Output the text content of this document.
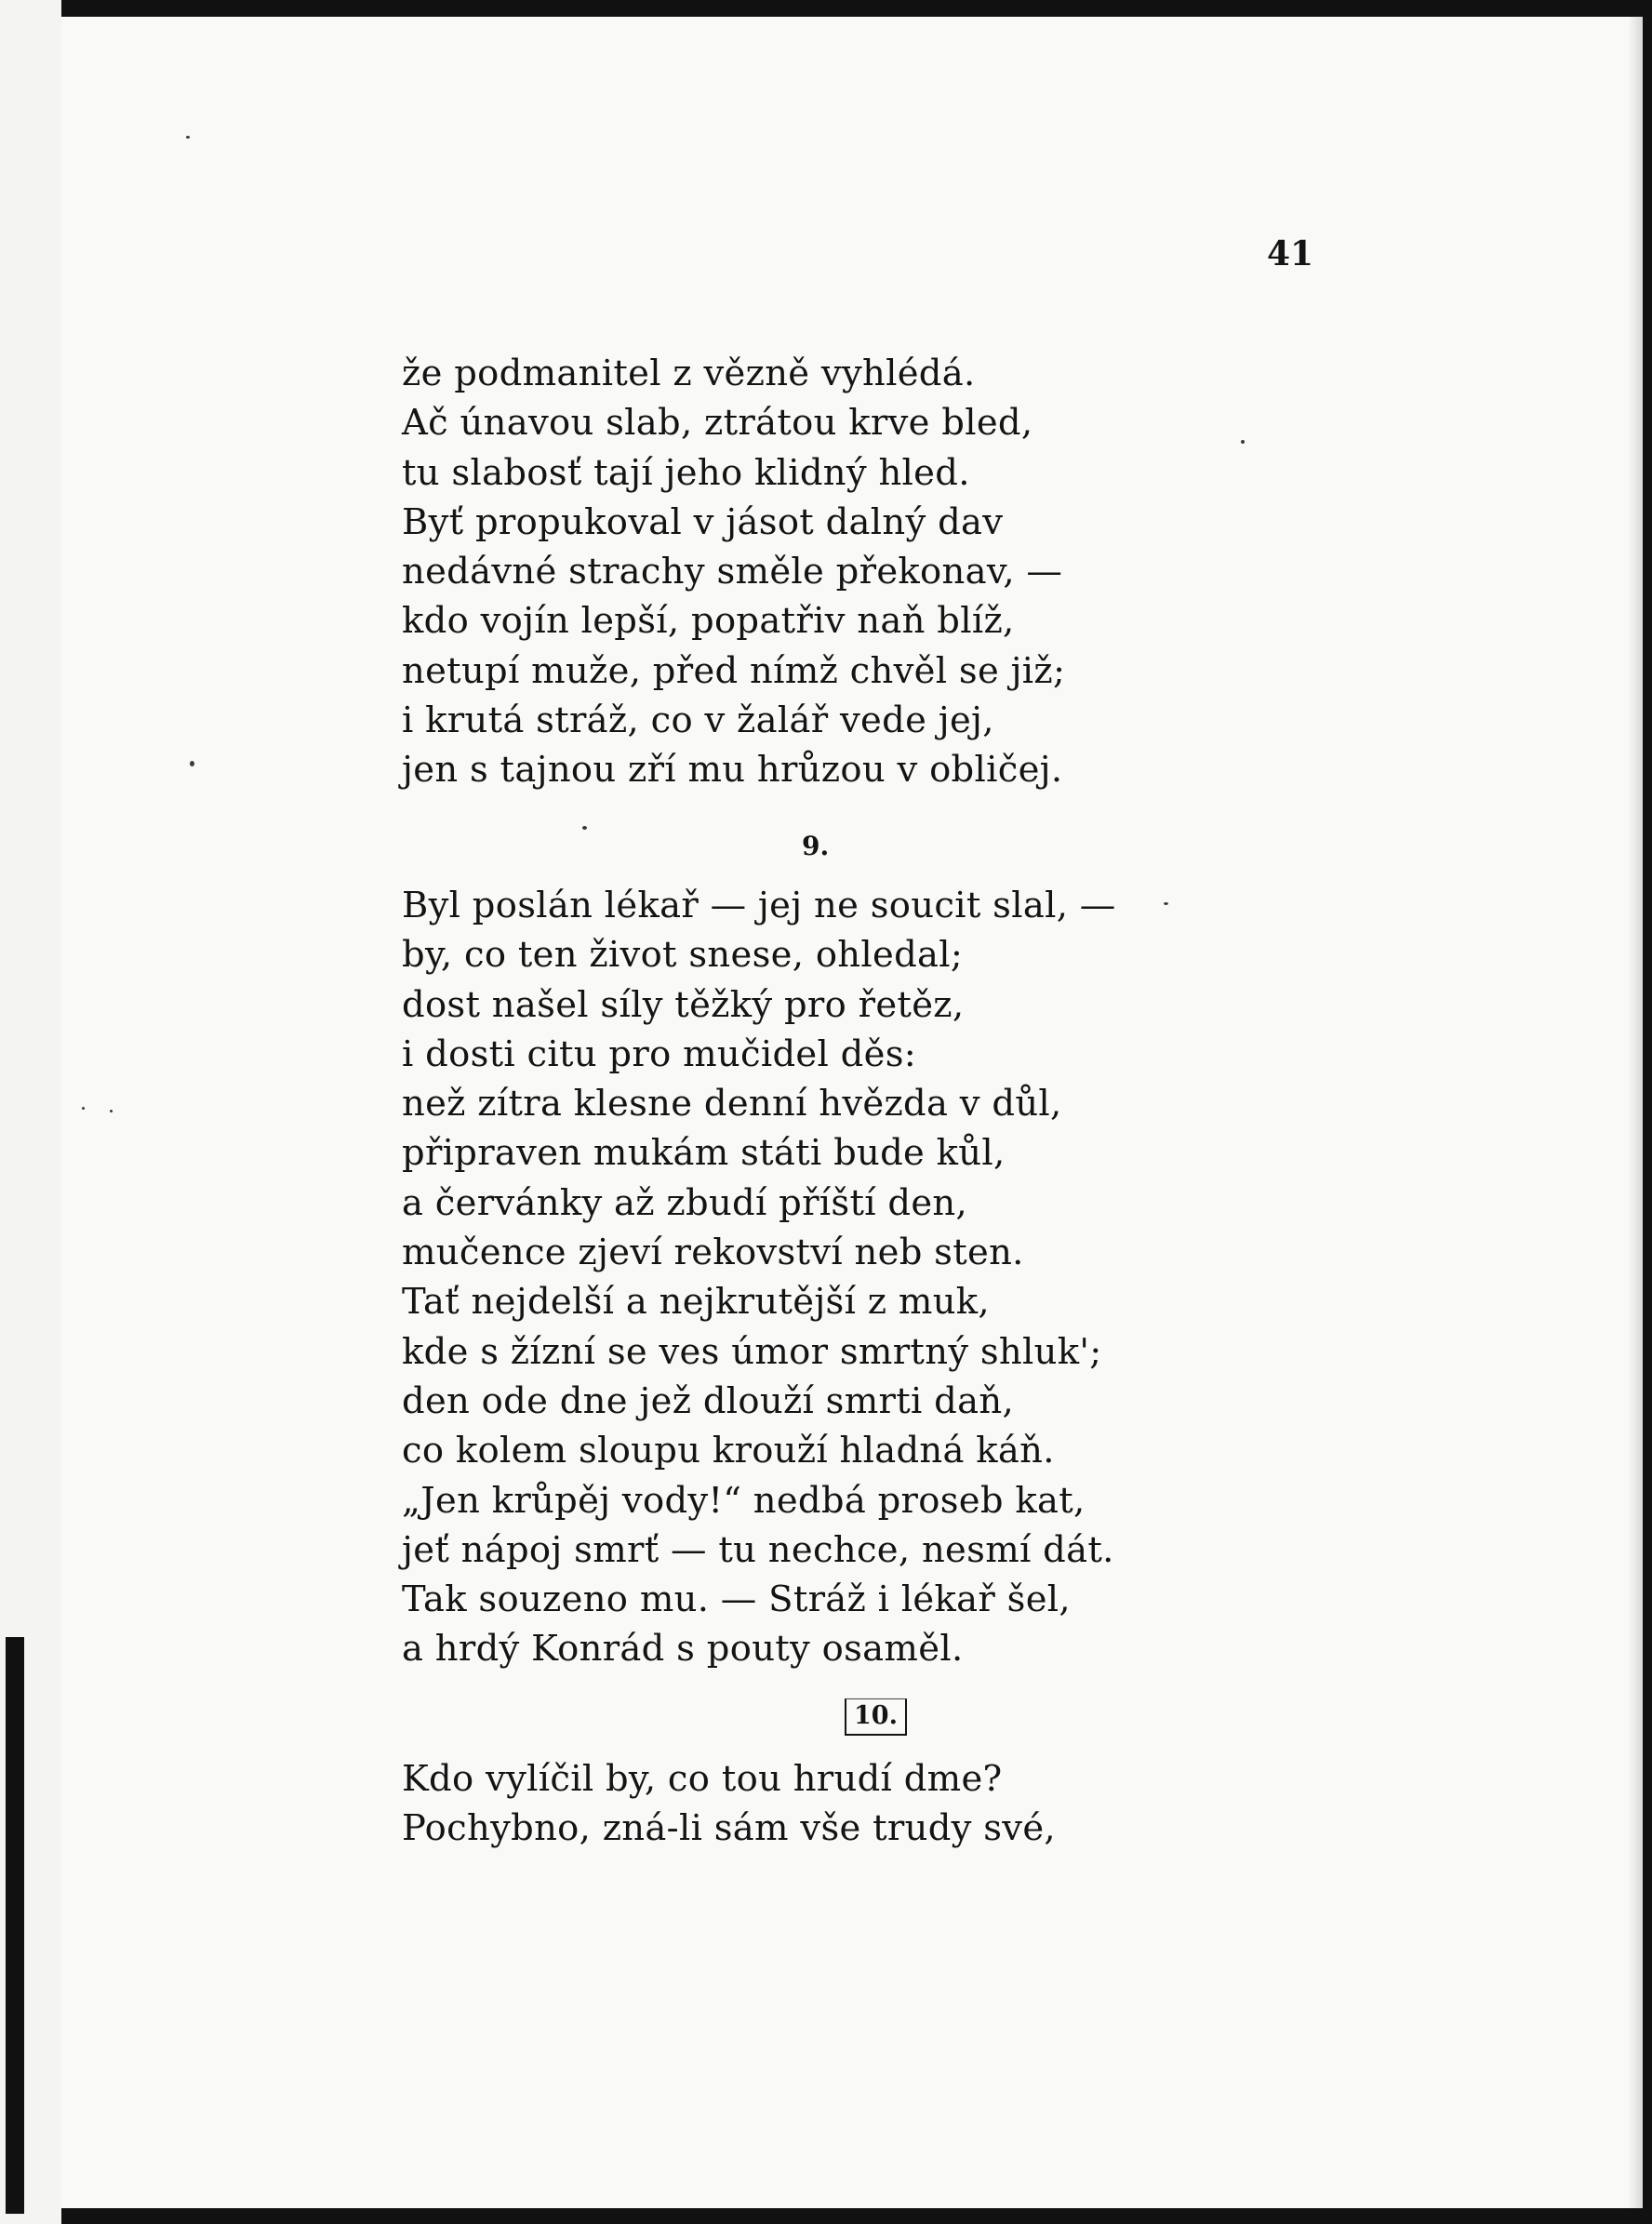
41
že podmanitel z vězně vyhlédá.
Ač únavou slab, ztrátou krve bled,
tu slabosť tají jeho klidný hled.
Byť propukoval v jásot dalný dav
nedávné strachy směle překonav, —
kdo vojín lepší, popatřiv naň blíž,
netupí muže, před nímž chvěl se již;
i krutá stráž, co v žalář vede jej,
jen s tajnou zří mu hrůzou v obličej.
9.
Byl poslán lékař — jej ne soucit slal, —
by, co ten život snese, ohledal;
dost našel síly těžký pro řetěz,
i dosti citu pro mučidel děs:
než zítra klesne denní hvězda v důl,
připraven mukám státi bude kůl,
a červánky až zbudí příští den,
mučence zjeví rekovství neb sten.
Tať nejdelší a nejkrutější z muk,
kde s žízní se ves úmor smrtný shluk';
den ode dne jež dlouží smrti daň,
co kolem sloupu krouží hladná káň.
„Jen krůpěj vody!“ nedbá proseb kat,
jeť nápoj smrť — tu nechce, nesmí dát.
Tak souzeno mu. — Stráž i lékař šel,
a hrdý Konrád s pouty osaměl.
10.
Kdo vylíčil by, co tou hrudí dme?
Pochybno, zná-li sám vše trudy své,
